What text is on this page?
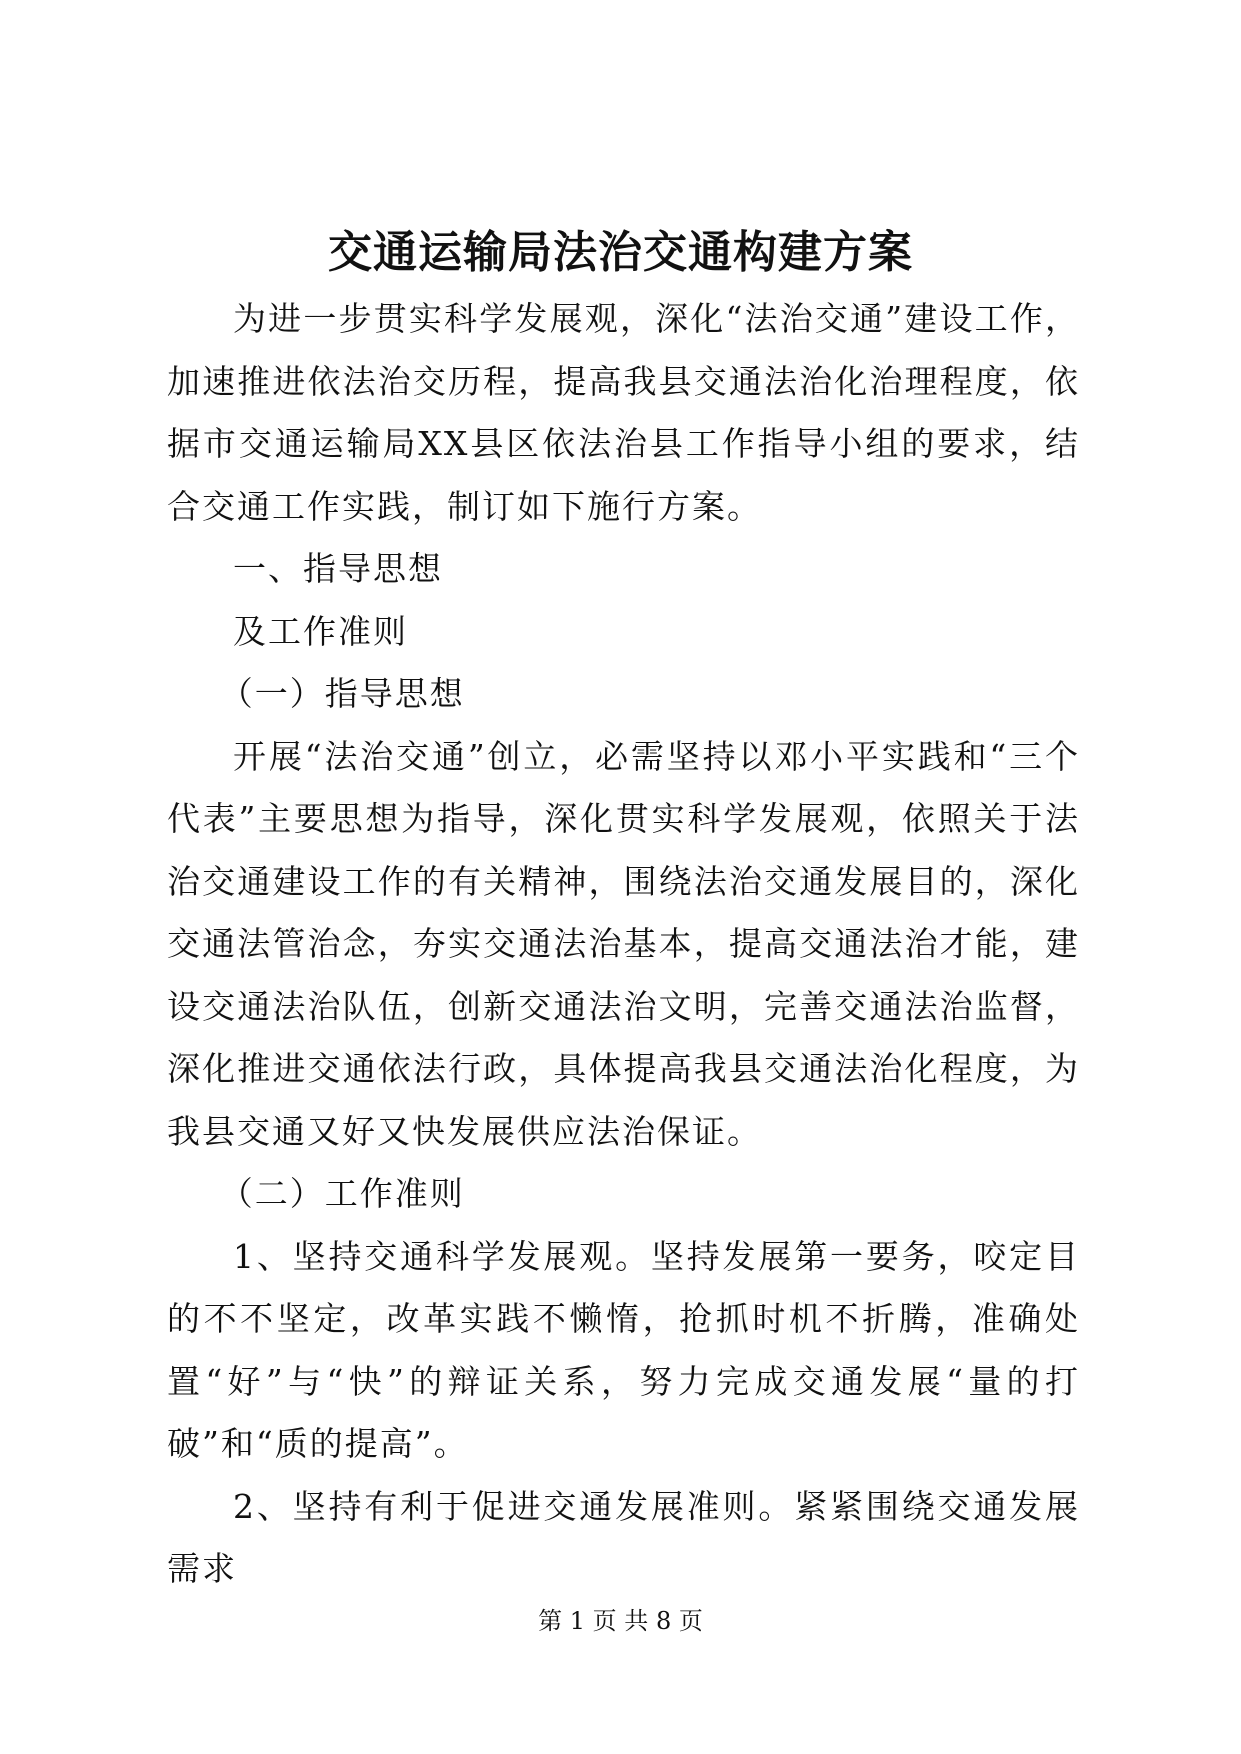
交通运输局法治交通构建方案

为进一步贯实科学发展观，深化“法治交通”建设工作，加速推进依法治交历程，提高我县交通法治化治理程度，依据市交通运输局XX县区依法治县工作指导小组的要求，结合交通工作实践，制订如下施行方案。

一、指导思想

及工作准则

（一）指导思想

开展“法治交通”创立，必需坚持以邓小平实践和“三个代表”主要思想为指导，深化贯实科学发展观，依照关于法治交通建设工作的有关精神，围绕法治交通发展目的，深化交通法管治念，夯实交通法治基本，提高交通法治才能，建设交通法治队伍，创新交通法治文明，完善交通法治监督，深化推进交通依法行政，具体提高我县交通法治化程度，为我县交通又好又快发展供应法治保证。

（二）工作准则

1、坚持交通科学发展观。坚持发展第一要务，咬定目的不不坚定，改革实践不懒惰，抢抓时机不折腾，准确处置“好”与“快”的辩证关系，努力完成交通发展“量的打破”和“质的提高”。

2、坚持有利于促进交通发展准则。紧紧围绕交通发展需求

第 1 页 共 8 页
